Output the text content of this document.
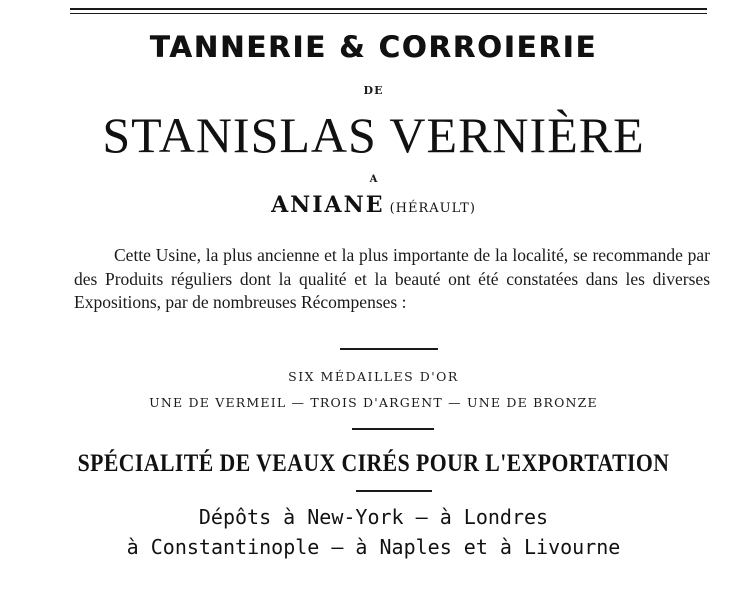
TANNERIE & CORROIERIE
DE
STANISLAS VERNIÈRE
A
ANIANE (HÉRAULT)
Cette Usine, la plus ancienne et la plus importante de la localité, se recommande par des Produits réguliers dont la qualité et la beauté ont été constatées dans les diverses Expositions, par de nombreuses Récompenses :
SIX MÉDAILLES D'OR
UNE DE VERMEIL — TROIS D'ARGENT — UNE DE BRONZE
SPÉCIALITÉ DE VEAUX CIRÉS POUR L'EXPORTATION
Dépôts à New-York — à Londres
à Constantinople — à Naples et à Livourne
